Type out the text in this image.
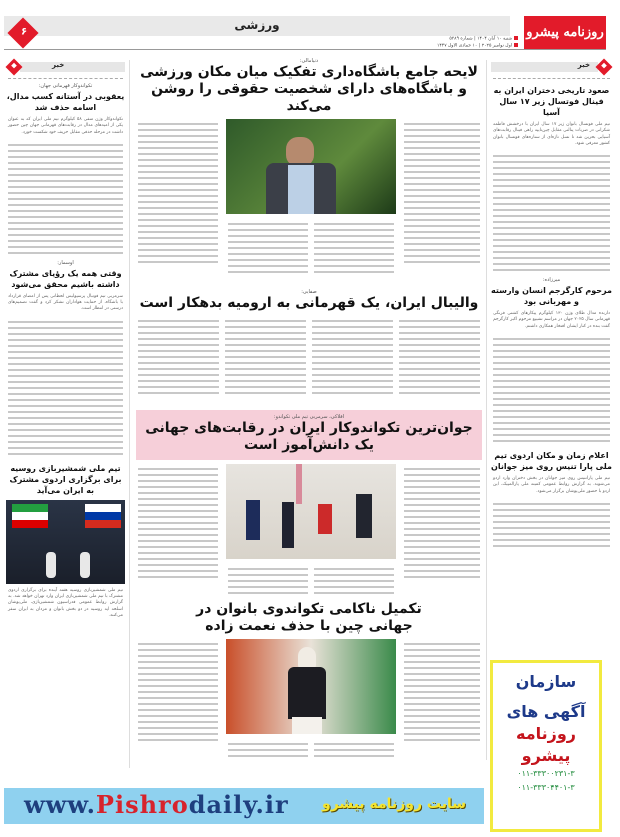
ورزشی	روزنامه پیشرو
شنبه ۱۰ آبان ۱۴۰۴ | شماره ۵۳۸۹
اول نوامبر ۲۰۲۵ | ۱۰ جمادی الاول ۱۴۴۷
۶
خبر
صعود تاریخی دختران ایران به فینال فوتسال زیر ۱۷ سال آسیا
تیم ملی فوتسال بانوان زیر ۱۷ سال ایران با درخشش فاطمه شکرانی در ضربات پنالتی مقابل چین‌تایپه راهی فینال رقابت‌های آسیایی بحرین شد تا نسل تازه‌ای از ستاره‌های فوتسال بانوان کشور معرفی شود.
میرزاده:
مرحوم کارگرجم انسان وارسته و مهربانی بود
دارنده مدال طلای وزن ۱۳۰ کیلوگرم پیکارهای کشتی فرنگی قهرمانی سال ۲۰۲۵ جهان در مراسم تشییع مرحوم اکبر کارگرجم گفت بنده در کنار ایشان افتخار همکاری داشتم.
اعلام زمان و مکان اردوی تیم ملی پارا تنیس روی میز جوانان
تیم ملی پاراتنیس روی میز جوانان در بخش دختران وارد اردو می‌شوند. به گزارش روابط عمومی کمیته ملی پارالمپیک، این اردو با حضور ملی‌پوشان برگزار می‌شود.
سازمان
آگهی های
روزنامه
پیشرو
۰۱۱-۳۳۳۰۰۲۳۱-۳
۰۱۱-۳۳۳۰۴۴۰۱-۳
خبر
تکواندوکار قهرمانی جهان:
یعقوبی در آستانه کسب مدال، اسامه حذف شد
تکواندوکار وزن منفی ۵۸ کیلوگرم تیم ملی ایران که به عنوان یکی از امیدهای مدال در رقابت‌های قهرمانی جهان چین حضور داشت در مرحله حذفی مقابل حریف خود شکست خورد.
اوسمار:
وقتی همه یک رؤیای مشترک داشته باشیم محقق می‌شود
سرمربی تیم فوتبال پرسپولیس لحظاتی پس از امضای قرارداد با باشگاه، از حمایت هواداران تشکر کرد و گفت تصمیم‌های درستی در انتظار است.
تیم ملی شمشیربازی روسیه برای برگزاری اردوی مشترک به ایران می‌آید
تیم ملی شمشیربازی روسیه هفته آینده برای برگزاری اردوی مشترک با تیم ملی شمشیربازی ایران وارد تهران خواهد شد. به گزارش روابط عمومی فدراسیون شمشیربازی، ملی‌پوشان اسلحه اپه روسیه در دو بخش بانوان و مردان به ایران سفر می‌کنند.
دنیامالی:
لایحه جامع باشگاه‌داری تفکیک میان مکان ورزشی و باشگاه‌های دارای شخصیت حقوقی را روشن می‌کند
صفایی:
والیبال ایران، یک قهرمانی به ارومیه بدهکار است
افلاکی، سرمربی تیم ملی تکواندو:
جوان‌ترین تکواندوکار ایران در رقابت‌های جهانی یک دانش‌آموز است
تکمیل ناکامی تکواندوی بانوان در جهانی چین با حذف نعمت زاده
www.Pishrodaily.ir سایت روزنامه پیشرو
